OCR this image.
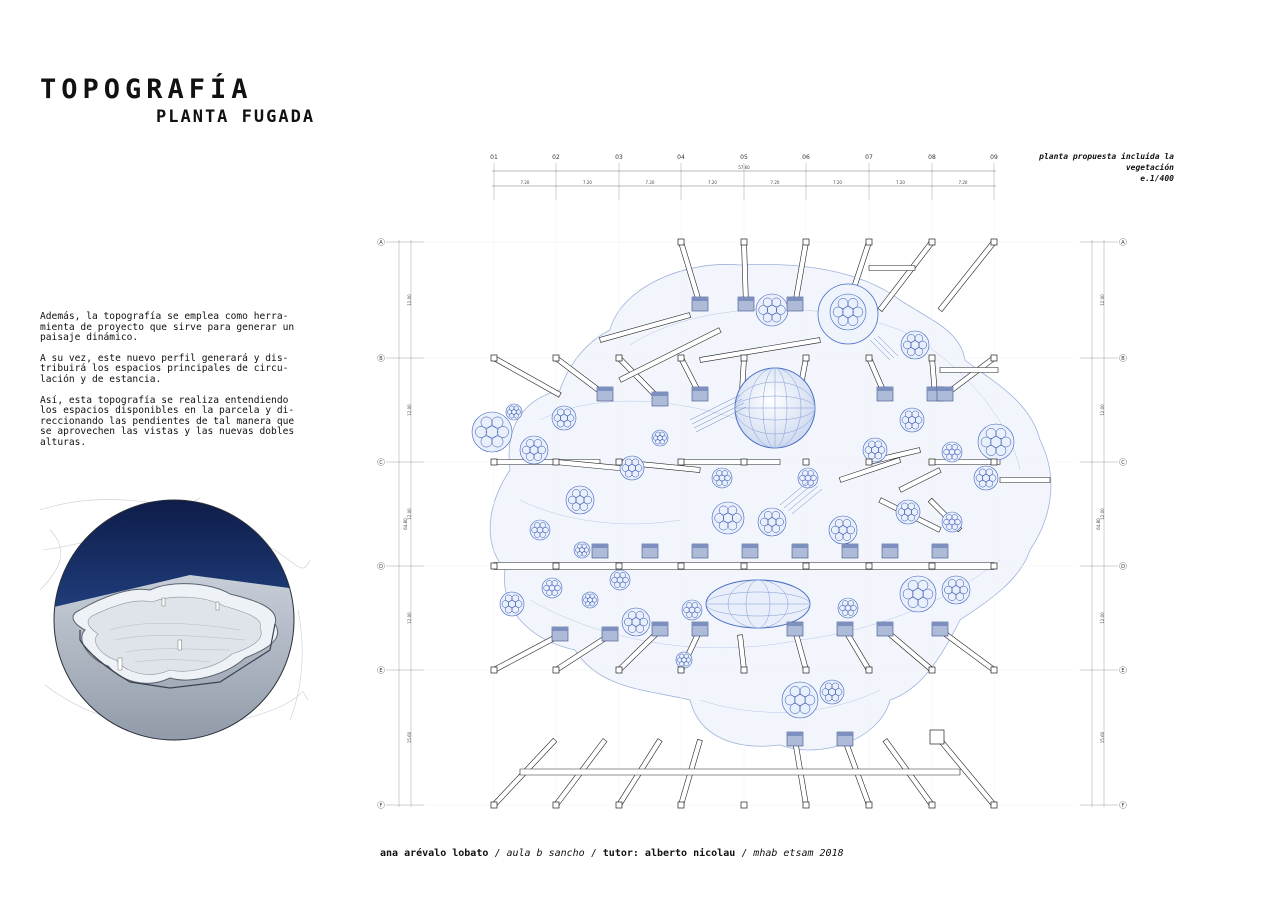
TOPOGRAFÍA
PLANTA FUGADA

Además, la topografía se emplea como herra-mienta de proyecto que sirve para generar un paisaje dinámico.

A su vez, este nuevo perfil generará y dis-tribuirá los espacios principales de circu-lación y de estancia.

Así, esta topografía se realiza entendiendo los espacios disponibles en la parcela y di-reccionando las pendientes de tal manera que se aprovechen las vistas y las nuevas dobles alturas.

planta propuesta incluida la
vegetación
e.1/400
01	02	03	04	05	06	07	08	09
57.60
7.20	7.20	7.20	7.20	7.20	7.20	7.20	7.20
A
B
C
D
E
F
12.00
12.00
12.00
12.00
15.60
64.80
A
B
C
D
E
F
12.00
12.00
12.00
12.00
15.60
64.80
ana arévalo lobato / aula b sancho / tutor: alberto nicolau / mhab etsam 2018
